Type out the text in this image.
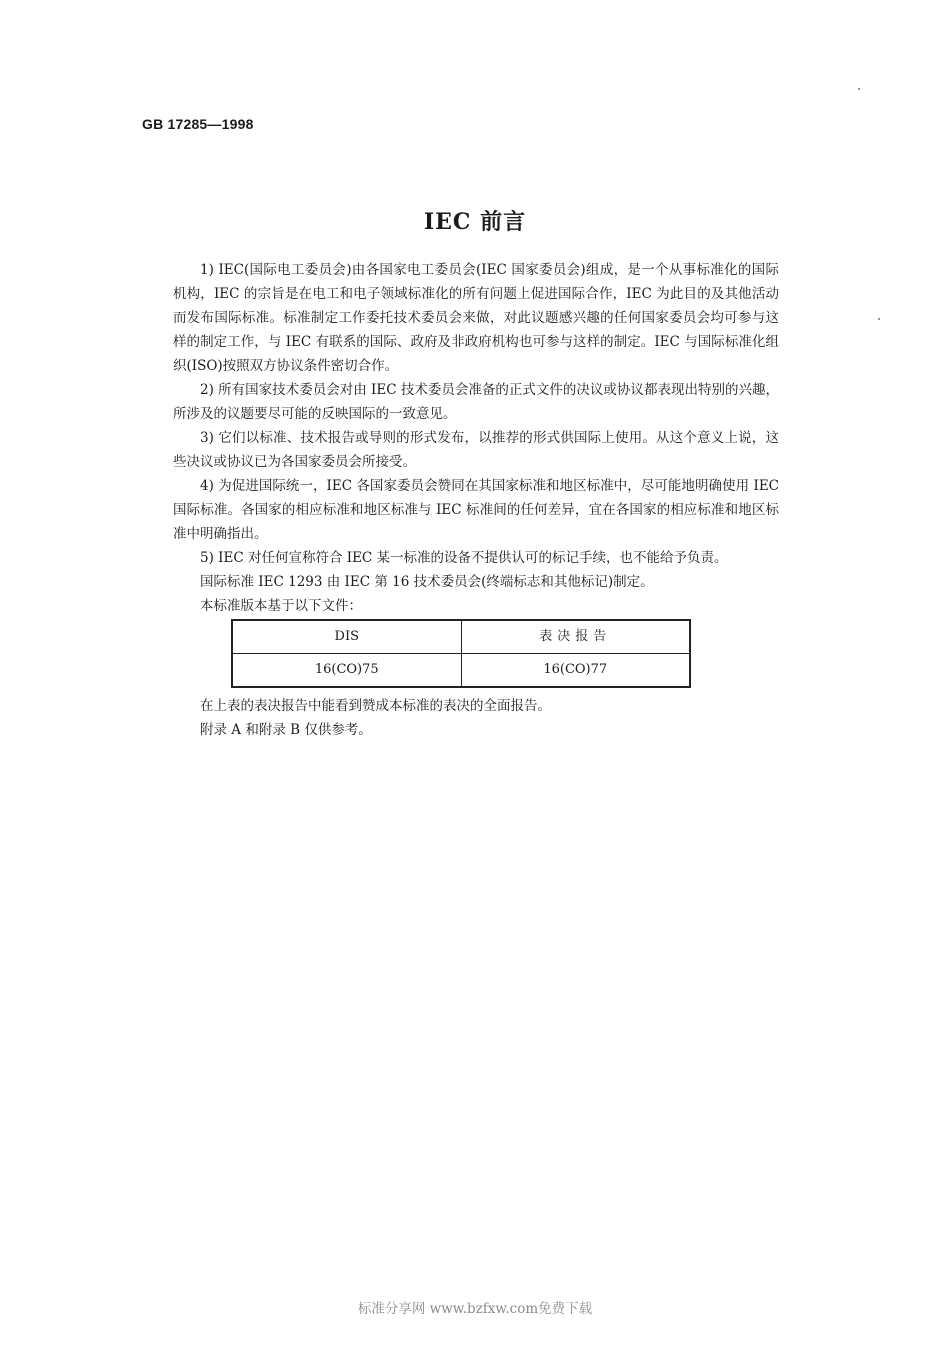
GB 17285—1998
IEC 前言

1) IEC(国际电工委员会)由各国家电工委员会(IEC 国家委员会)组成，是一个从事标准化的国际机构，IEC 的宗旨是在电工和电子领域标准化的所有问题上促进国际合作，IEC 为此目的及其他活动而发布国际标准。标准制定工作委托技术委员会来做，对此议题感兴趣的任何国家委员会均可参与这样的制定工作，与 IEC 有联系的国际、政府及非政府机构也可参与这样的制定。IEC 与国际标准化组织(ISO)按照双方协议条件密切合作。

2) 所有国家技术委员会对由 IEC 技术委员会准备的正式文件的决议或协议都表现出特别的兴趣，所涉及的议题要尽可能的反映国际的一致意见。

3) 它们以标准、技术报告或导则的形式发布，以推荐的形式供国际上使用。从这个意义上说，这些决议或协议已为各国家委员会所接受。

4) 为促进国际统一，IEC 各国家委员会赞同在其国家标准和地区标准中，尽可能地明确使用 IEC 国际标准。各国家的相应标准和地区标准与 IEC 标准间的任何差异，宜在各国家的相应标准和地区标准中明确指出。

5) IEC 对任何宣称符合 IEC 某一标准的设备不提供认可的标记手续，也不能给予负责。

国际标准 IEC 1293 由 IEC 第 16 技术委员会(终端标志和其他标记)制定。

本标准版本基于以下文件：

DIS	表决报告
16(CO)75	16(CO)77

在上表的表决报告中能看到赞成本标准的表决的全面报告。

附录 A 和附录 B 仅供参考。

标准分享网 www.bzfxw.com免费下载
